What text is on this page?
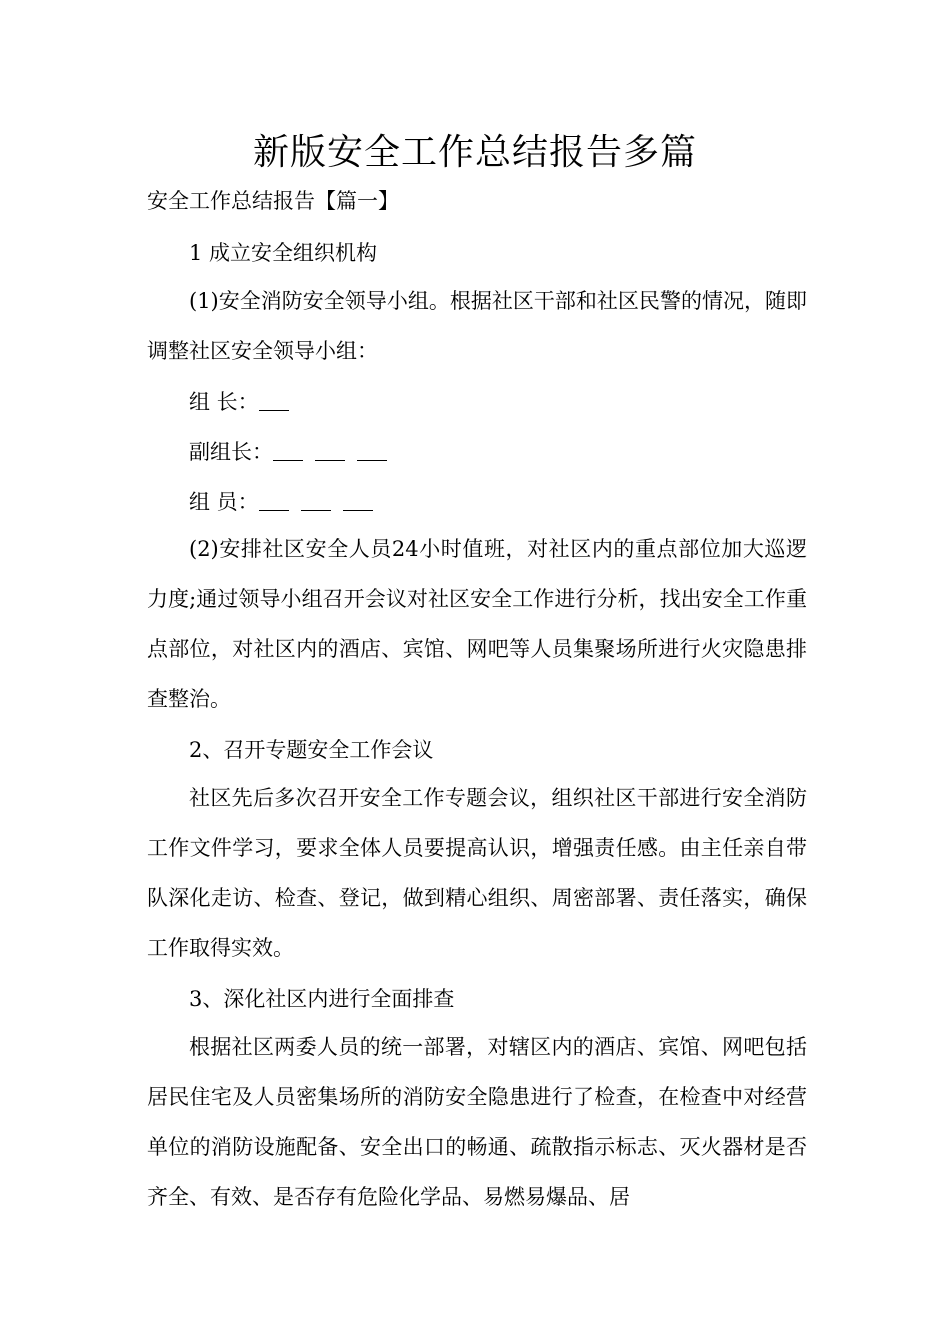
新版安全工作总结报告多篇
安全工作总结报告【篇一】
1 成立安全组织机构
(1)安全消防安全领导小组。根据社区干部和社区民警的情况，随即调整社区安全领导小组：
组 长：
副组长：
组 员：
(2)安排社区安全人员24小时值班，对社区内的重点部位加大巡逻力度;通过领导小组召开会议对社区安全工作进行分析，找出安全工作重点部位，对社区内的酒店、宾馆、网吧等人员集聚场所进行火灾隐患排查整治。
2、召开专题安全工作会议
社区先后多次召开安全工作专题会议，组织社区干部进行安全消防工作文件学习，要求全体人员要提高认识，增强责任感。由主任亲自带队深化走访、检查、登记，做到精心组织、周密部署、责任落实，确保工作取得实效。
3、深化社区内进行全面排查
根据社区两委人员的统一部署，对辖区内的酒店、宾馆、网吧包括居民住宅及人员密集场所的消防安全隐患进行了检查，在检查中对经营单位的消防设施配备、安全出口的畅通、疏散指示标志、灭火器材是否齐全、有效、是否存有危险化学品、易燃易爆品、居
